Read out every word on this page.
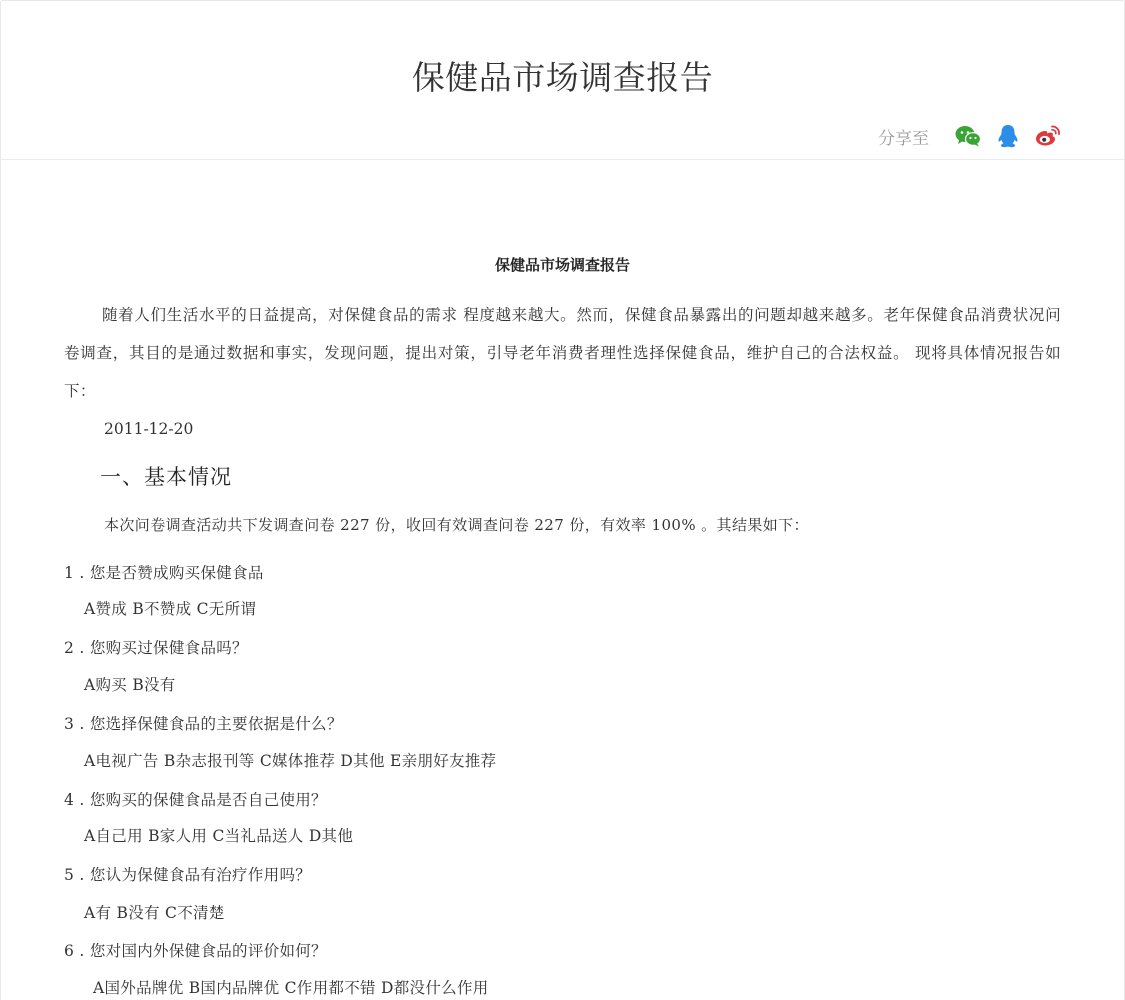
保健品市场调查报告
分享至
保健品市场调查报告

随着人们生活水平的日益提高，对保健食品的需求 程度越来越大。然而，保健食品暴露出的问题却越来越多。老年保健食品消费状况问卷调查，其目的是通过数据和事实，发现问题，提出对策，引导老年消费者理性选择保健食品，维护自己的合法权益。 现将具体情况报告如下：

2011-12-20
一、基本情况

本次问卷调查活动共下发调查问卷 227 份，收回有效调查问卷 227 份，有效率 100% 。其结果如下：

1 . 您是否赞成购买保健食品
A赞成 B不赞成 C无所谓
2 . 您购买过保健食品吗？
A购买 B没有
3 . 您选择保健食品的主要依据是什么？
A电视广告 B杂志报刊等 C媒体推荐 D其他 E亲朋好友推荐
4 . 您购买的保健食品是否自己使用？
A自己用 B家人用 C当礼品送人 D其他
5 . 您认为保健食品有治疗作用吗？
A有 B没有 C不清楚
6 . 您对国内外保健食品的评价如何？
A国外品牌优 B国内品牌优 C作用都不错 D都没什么作用
